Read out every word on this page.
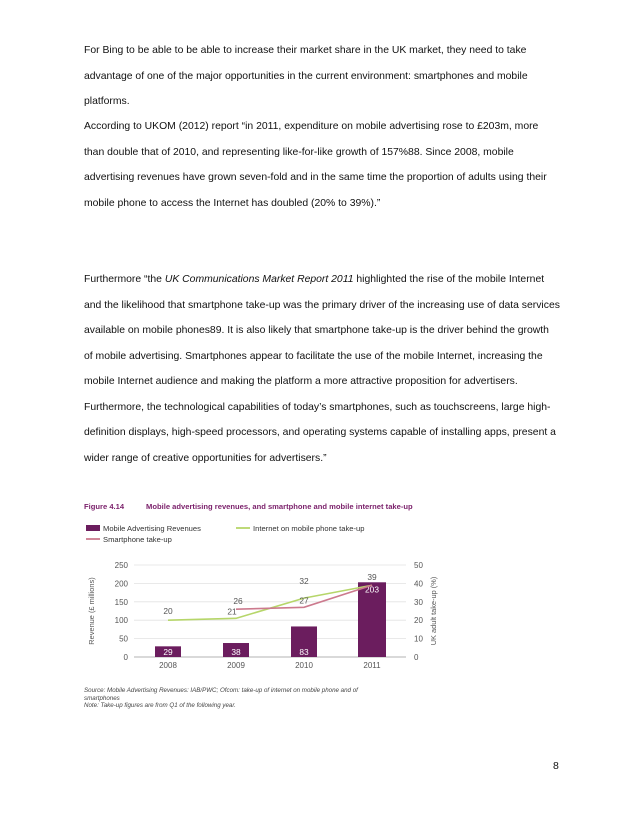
For Bing to be able to be able to increase their market share in the UK market, they need to take
advantage of one of the major opportunities in the current environment: smartphones and mobile
platforms.

According to UKOM (2012) report “in 2011, expenditure on mobile advertising rose to £203m, more
than double that of 2010, and representing like-for-like growth of 157%88. Since 2008, mobile
advertising revenues have grown seven-fold and in the same time the proportion of adults using their
mobile phone to access the Internet has doubled (20% to 39%).”

Furthermore “the UK Communications Market Report 2011 highlighted the rise of the mobile Internet
and the likelihood that smartphone take-up was the primary driver of the increasing use of data services
available on mobile phones89. It is also likely that smartphone take-up is the driver behind the growth
of mobile advertising. Smartphones appear to facilitate the use of the mobile Internet, increasing the
mobile Internet audience and making the platform a more attractive proposition for advertisers.
Furthermore, the technological capabilities of today’s smartphones, such as touchscreens, large high-
definition displays, high-speed processors, and operating systems capable of installing apps, present a
wider range of creative opportunities for advertisers.”

Figure 4.14	Mobile advertising revenues, and smartphone and mobile internet take-up
0
50
100
150
200
250
0
10
20
30
40
50
Revenue (£ millions)	UK adult take-up (%)
2008	2009	2010	2011
29	38	83
203
20	21
32	39
26	27
Mobile Advertising Revenues	Internet on mobile phone take-up
Smartphone take-up
Source: Mobile Advertising Revenues: IAB/PWC; Ofcom: take-up of internet on mobile phone and of
smartphones
Note: Take-up figures are from Q1 of the following year.
8
